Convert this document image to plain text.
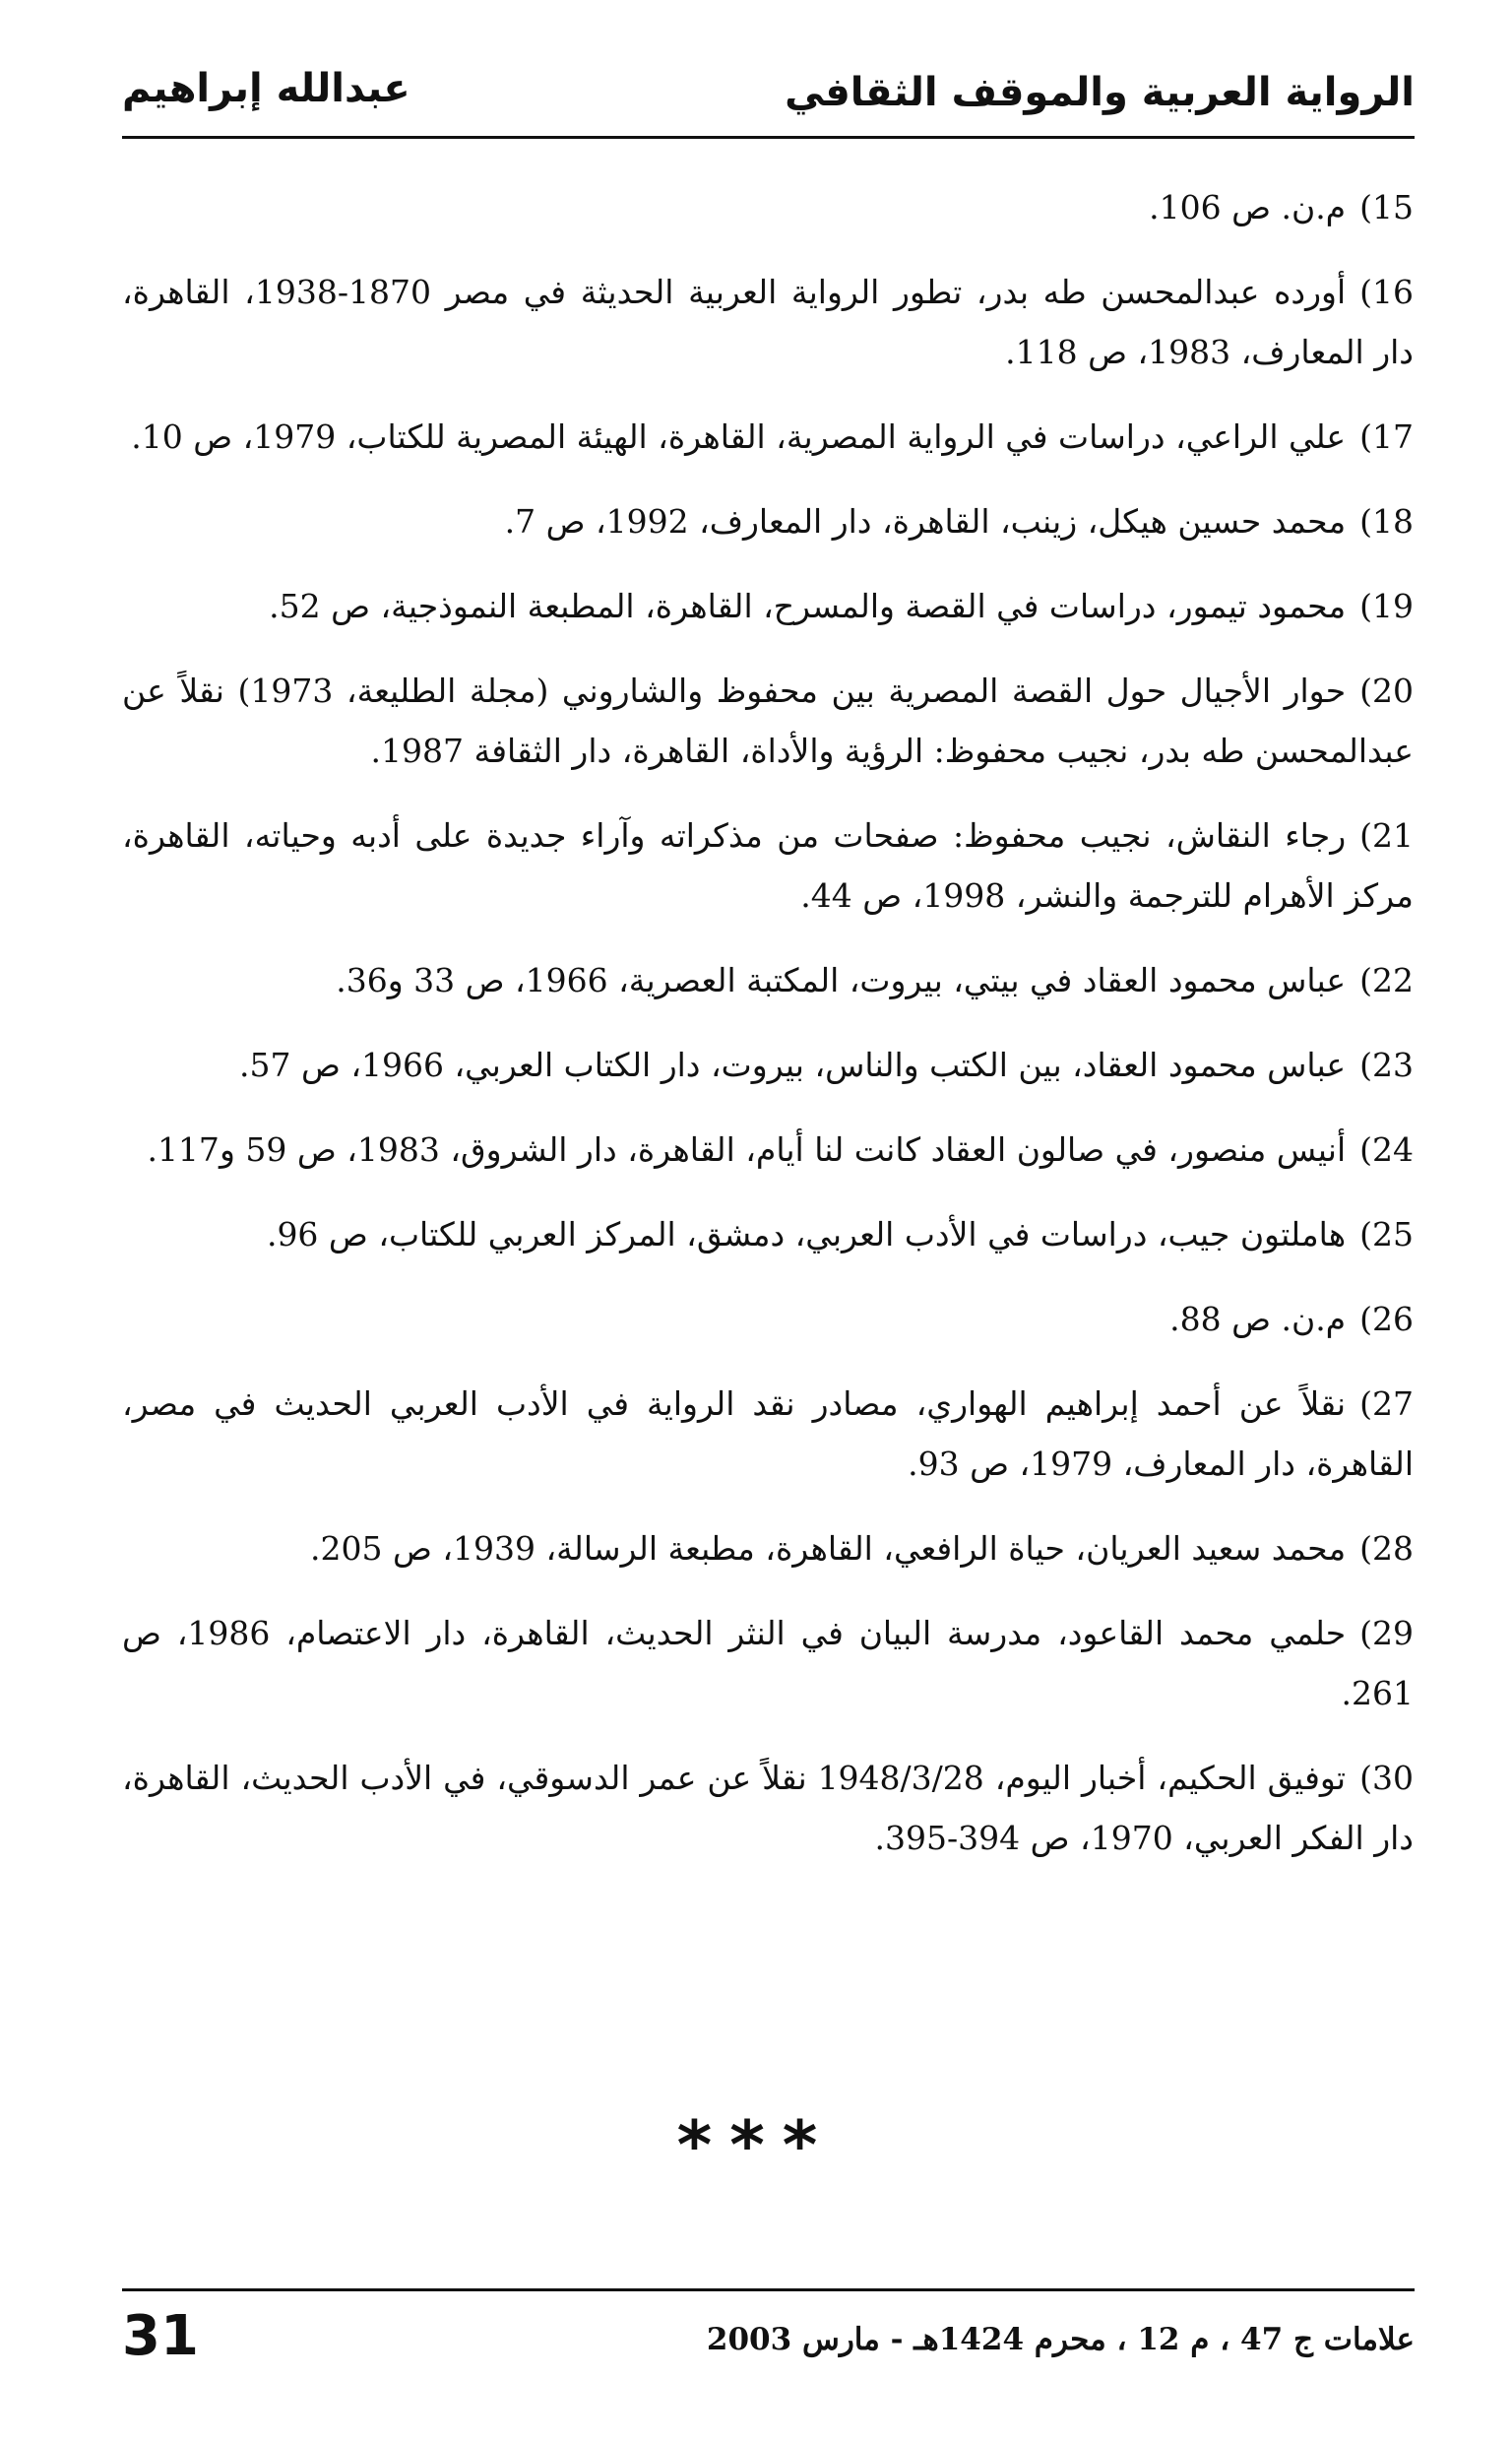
الرواية العربية والموقف الثقافي
عبدالله إبراهيم

15)م.ن. ص 106.

16)أورده عبدالمحسن طه بدر، تطور الرواية العربية الحديثة في مصر 1870-1938، القاهرة، دار المعارف، 1983، ص 118.

17)علي الراعي، دراسات في الرواية المصرية، القاهرة، الهيئة المصرية للكتاب، 1979، ص 10.

18)محمد حسين هيكل، زينب، القاهرة، دار المعارف، 1992، ص 7.

19)محمود تيمور، دراسات في القصة والمسرح، القاهرة، المطبعة النموذجية، ص 52.

20)حوار الأجيال حول القصة المصرية بين محفوظ والشاروني (مجلة الطليعة، 1973) نقلاً عن عبدالمحسن طه بدر، نجيب محفوظ: الرؤية والأداة، القاهرة، دار الثقافة 1987.

21)رجاء النقاش، نجيب محفوظ: صفحات من مذكراته وآراء جديدة على أدبه وحياته، القاهرة، مركز الأهرام للترجمة والنشر، 1998، ص 44.

22)عباس محمود العقاد في بيتي، بيروت، المكتبة العصرية، 1966، ص 33 و36.

23)عباس محمود العقاد، بين الكتب والناس، بيروت، دار الكتاب العربي، 1966، ص 57.

24)أنيس منصور، في صالون العقاد كانت لنا أيام، القاهرة، دار الشروق، 1983، ص 59 و117.

25)هاملتون جيب، دراسات في الأدب العربي، دمشق، المركز العربي للكتاب، ص 96.

26)م.ن. ص 88.

27)نقلاً عن أحمد إبراهيم الهواري، مصادر نقد الرواية في الأدب العربي الحديث في مصر، القاهرة، دار المعارف، 1979، ص 93.

28)محمد سعيد العريان، حياة الرافعي، القاهرة، مطبعة الرسالة، 1939، ص 205.

29)حلمي محمد القاعود، مدرسة البيان في النثر الحديث، القاهرة، دار الاعتصام، 1986، ص 261.

30)توفيق الحكيم، أخبار اليوم، 1948/3/28 نقلاً عن عمر الدسوقي، في الأدب الحديث، القاهرة، دار الفكر العربي، 1970، ص 394-395.

***
علامات ج 47 ، م 12 ، محرم 1424هـ - مارس 2003
31
